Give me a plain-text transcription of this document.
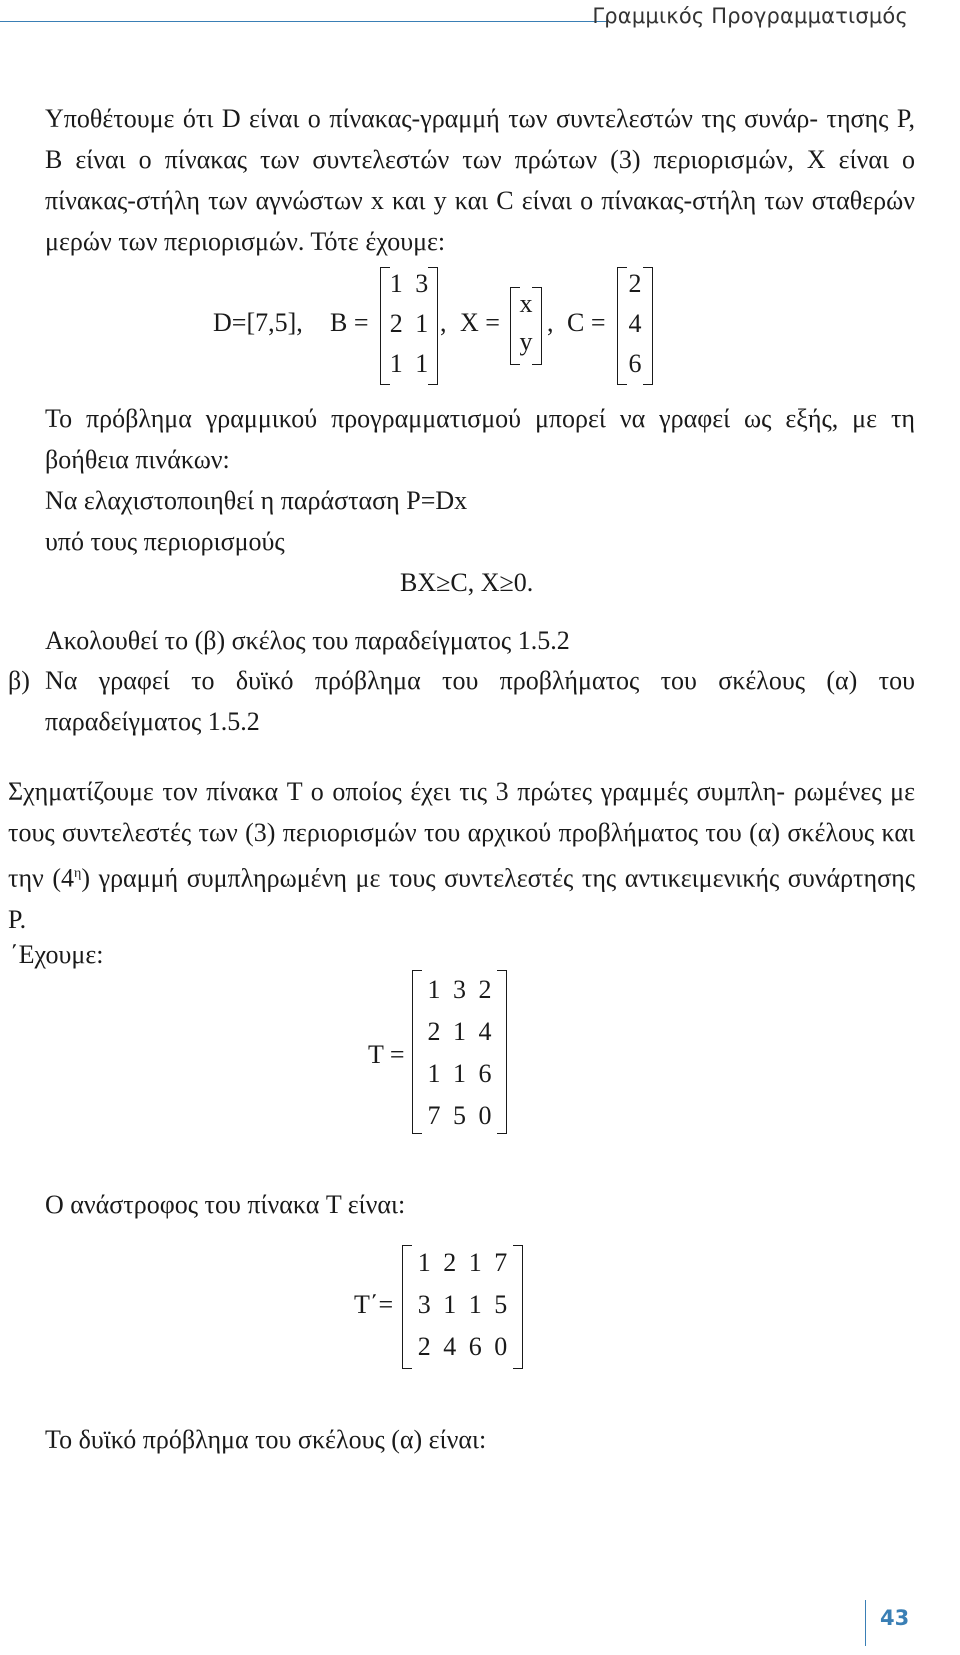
Γραμμικός Προγραμματισμός

Υποθέτουμε ότι D είναι ο πίνακας-γραμμή των συντελεστών της συνάρ- τησης P, B είναι ο πίνακας των συντελεστών των πρώτων (3) περιορισμών, X είναι ο πίνακας-στήλη των αγνώστων x και y και C είναι ο πίνακας-στήλη των σταθερών μερών των περιορισμών. Τότε έχουμε:

D=[7,5], B =
1 3
2 1
1 1
, X =
x
y
, C =
2
4
6

Το πρόβλημα γραμμικού προγραμματισμού μπορεί να γραφεί ως εξής, με τη βοήθεια πινάκων:

Να ελαχιστοποιηθεί η παράσταση P=Dx

υπό τους περιορισμούς

BX≥C, X≥0.

Ακολουθεί το (β) σκέλος του παραδείγματος 1.5.2

β) Να γραφεί το δυϊκό πρόβλημα του προβλήματος του σκέλους (α) του παραδείγματος 1.5.2

Σχηματίζουμε τον πίνακα T ο οποίος έχει τις 3 πρώτες γραμμές συμπλη- ρωμένες με τους συντελεστές των (3) περιορισμών του αρχικού προβλήματος του (α) σκέλους και την $(4^\eta)$ γραμμή συμπληρωμένη με τους συντελεστές της αντικειμενικής συνάρτησης P.

΄Εχουμε:

T =
1 3 2
2 1 4
1 1 6
7 5 0

Ο ανάστροφος του πίνακα T είναι:

T΄=
1 2 1 7
3 1 1 5
2 4 6 0

Το δυϊκό πρόβλημα του σκέλους (α) είναι:

43
